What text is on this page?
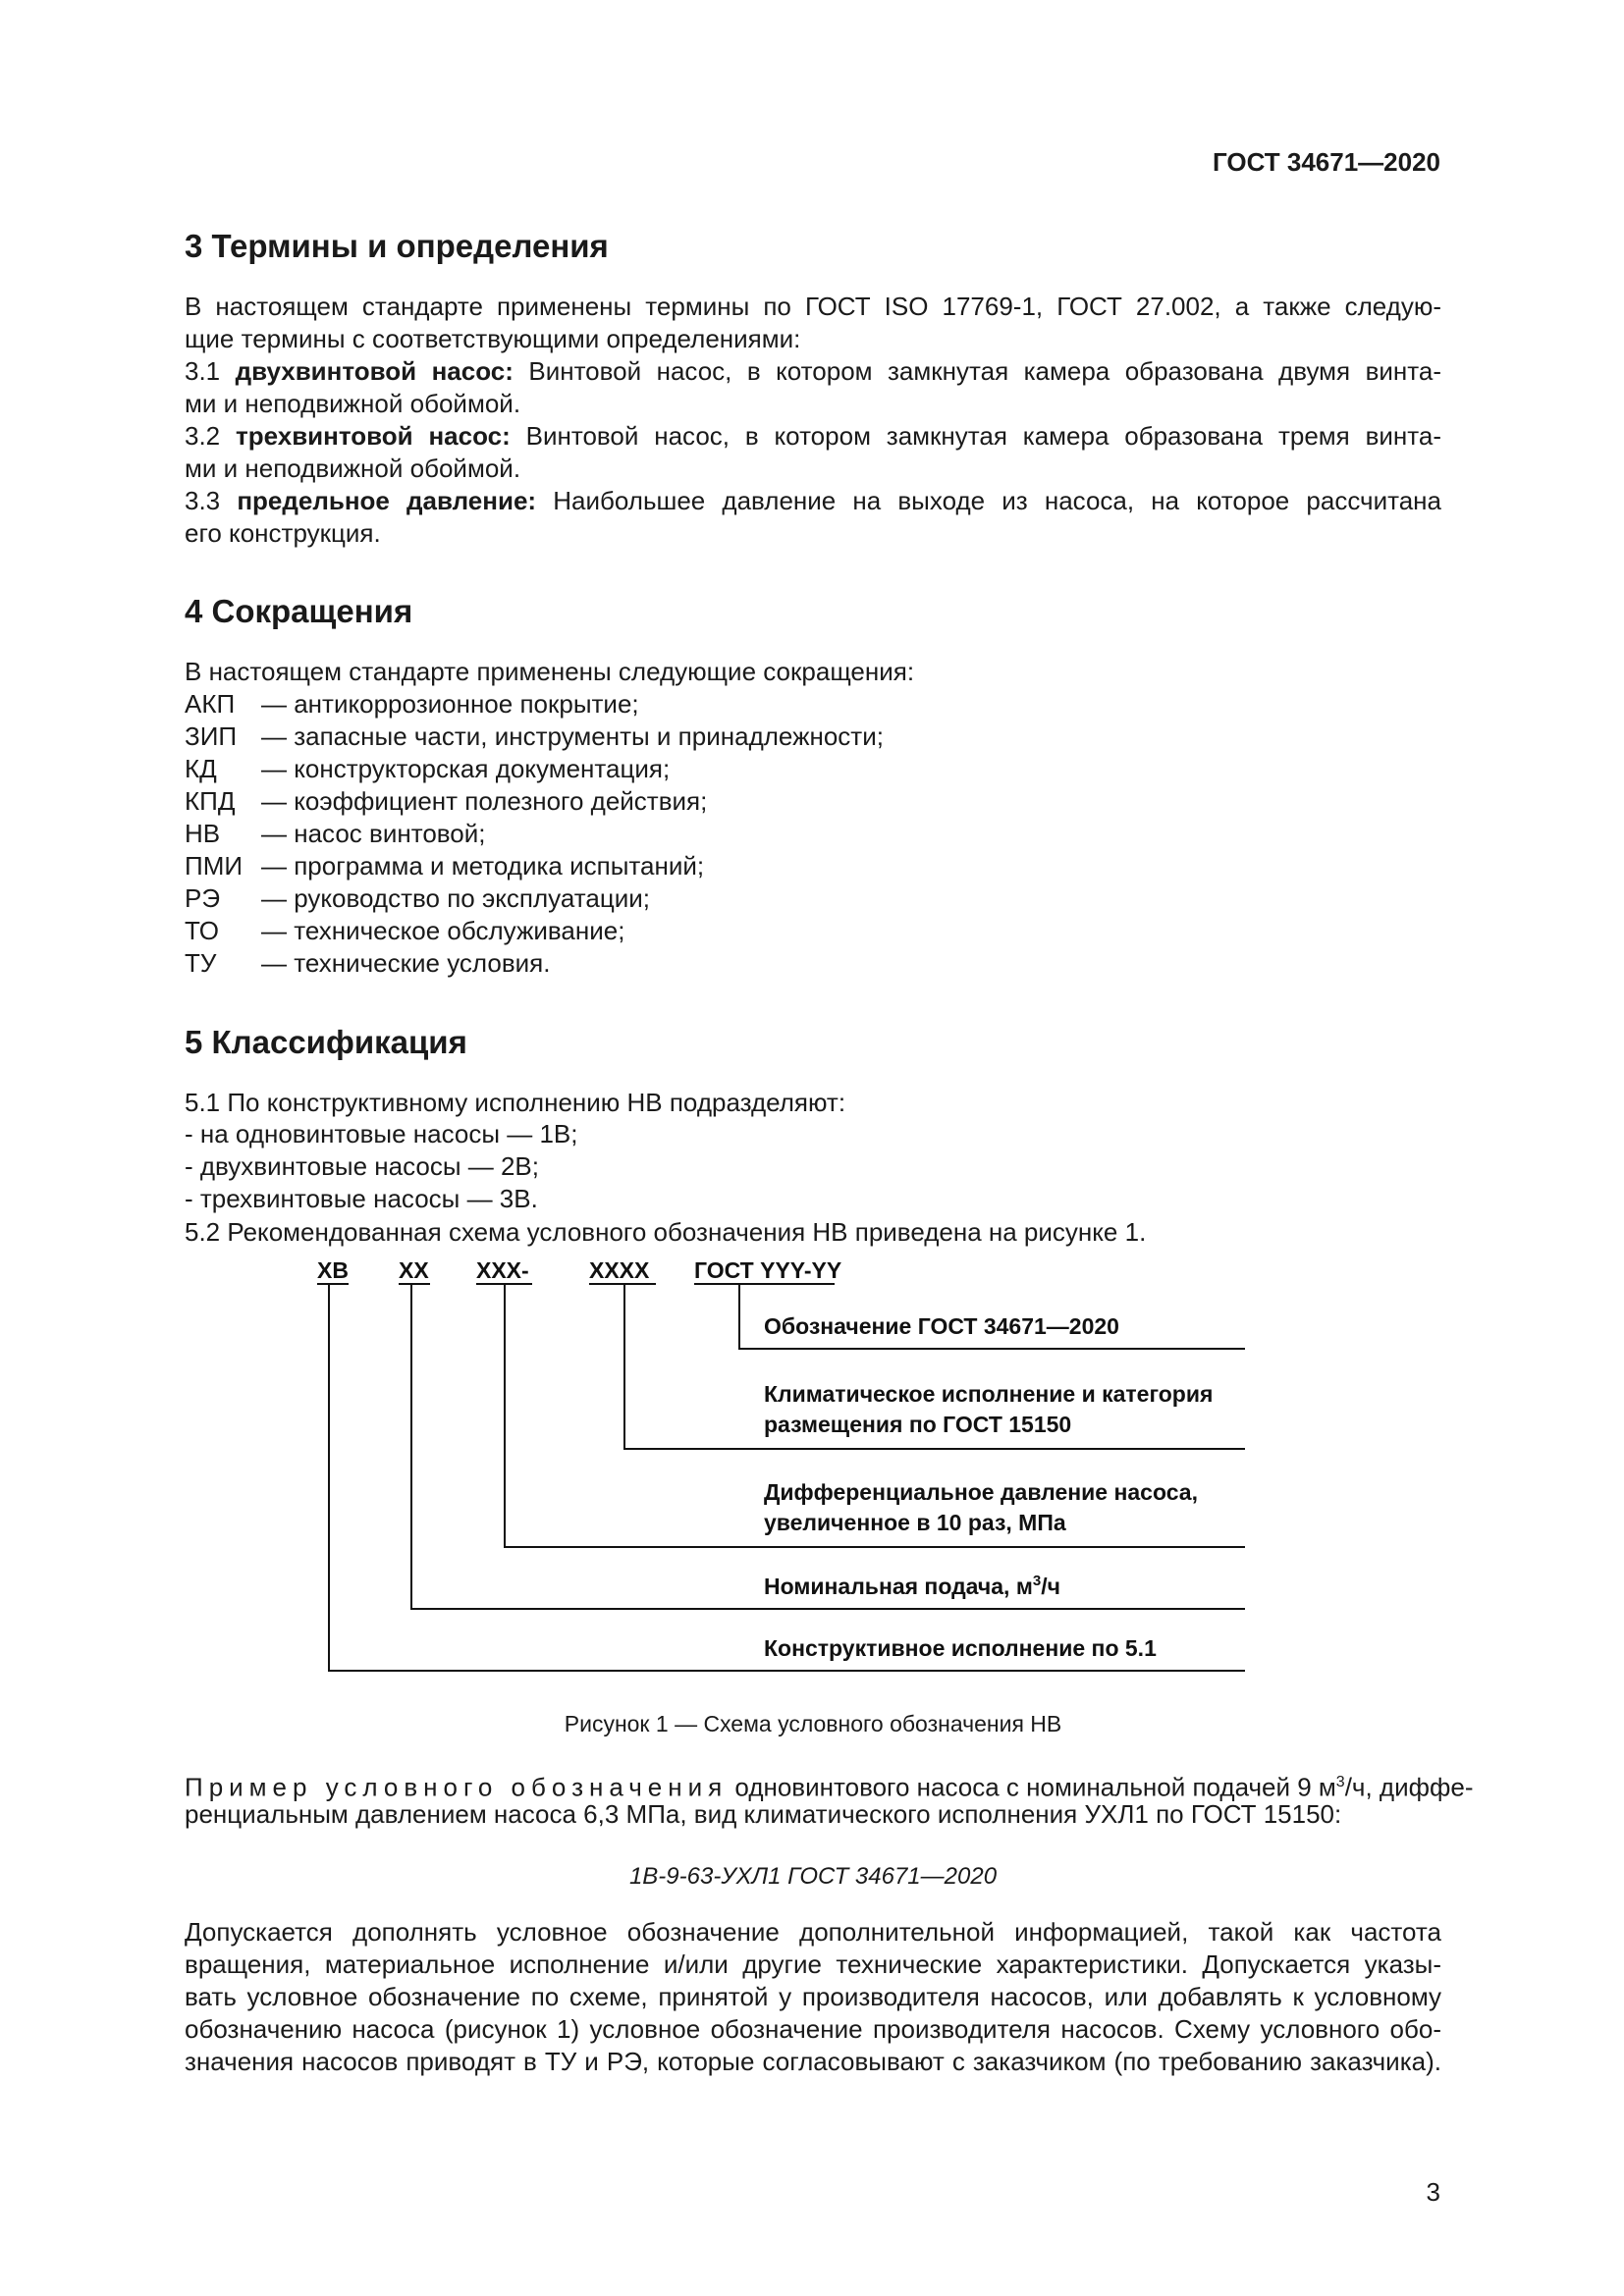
ГОСТ 34671—2020
3 Термины и определения
В настоящем стандарте применены термины по ГОСТ ISO 17769-1, ГОСТ 27.002, а также следую-
щие термины с соответствующими определениями:
3.1 двухвинтовой насос: Винтовой насос, в котором замкнутая камера образована двумя винта-
ми и неподвижной обоймой.
3.2 трехвинтовой насос: Винтовой насос, в котором замкнутая камера образована тремя винта-
ми и неподвижной обоймой.
3.3 предельное давление: Наибольшее давление на выходе из насоса, на которое рассчитана
его конструкция.
4 Сокращения
В настоящем стандарте применены следующие сокращения:
АКП — антикоррозионное покрытие;
ЗИП — запасные части, инструменты и принадлежности;
КД — конструкторская документация;
КПД — коэффициент полезного действия;
НВ — насос винтовой;
ПМИ — программа и методика испытаний;
РЭ — руководство по эксплуатации;
ТО — техническое обслуживание;
ТУ — технические условия.
5 Классификация
5.1 По конструктивному исполнению НВ подразделяют:
- на одновинтовые насосы — 1В;
- двухвинтовые насосы — 2В;
- трехвинтовые насосы — 3В.
5.2 Рекомендованная схема условного обозначения НВ приведена на рисунке 1.
ХВ ХХ ХХХ-	ХХХХ ГОСТ YYY-YY
Обозначение ГОСТ 34671—2020
Климатическое исполнение и категория
размещения по ГОСТ 15150
Дифференциальное давление насоса,
увеличенное в 10 раз, МПа
Номинальная подача, $м^3/ч$
Конструктивное исполнение по 5.1
Рисунок 1 — Схема условного обозначения НВ
Пример условного обозначения одновинтового насоса с номинальной подачей 9 $м^3/ч$, диффе-
ренциальным давлением насоса 6,3 МПа, вид климатического исполнения УХЛ1 по ГОСТ 15150:
1В-9-63-УХЛ1 ГОСТ 34671—2020
Допускается дополнять условное обозначение дополнительной информацией, такой как частота
вращения, материальное исполнение и/или другие технические характеристики. Допускается указы-
вать условное обозначение по схеме, принятой у производителя насосов, или добавлять к условному
обозначению насоса (рисунок 1) условное обозначение производителя насосов. Схему условного обо-
значения насосов приводят в ТУ и РЭ, которые согласовывают с заказчиком (по требованию заказчика).
3
